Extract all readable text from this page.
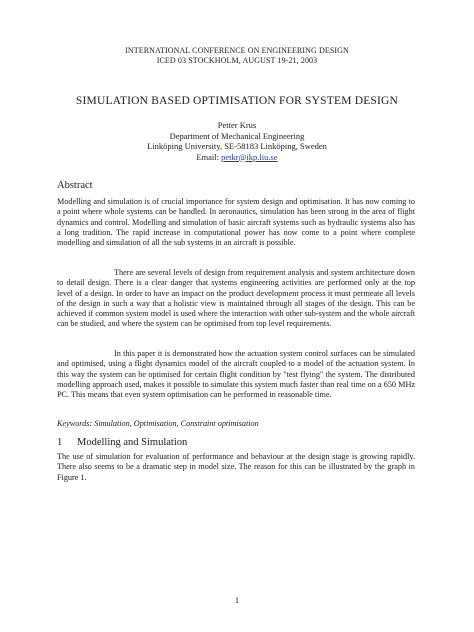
INTERNATIONAL CONFERENCE ON ENGINEERING DESIGN
ICED 03 STOCKHOLM, AUGUST 19-21, 2003
SIMULATION BASED OPTIMISATION FOR SYSTEM DESIGN
Petter Krus
Department of Mechanical Engineering
Linköping University, SE-58183 Linköping, Sweden
Email: petkr@ikp.liu.se
Abstract

Modelling and simulation is of crucial importance for system design and optimisation. It has now coming to a point where whole systems can be handled. In aeronautics, simulation has been strong in the area of flight dynamics and control. Modelling and simulation of basic aircraft systems such as hydraulic systems also has a long tradition. The rapid increase in computational power has now come to a point where complete modelling and simulation of all the sub systems in an aircraft is possible.

There are several levels of design from requirement analysis and system architecture down to detail design. There is a clear danger that systems engineering activities are performed only at the top level of a design. In order to have an impact on the product development process it must permeate all levels of the design in such a way that a holistic view is maintained through all stages of the design. This can be achieved if common system model is used where the interaction with other sub-system and the whole aircraft can be studied, and where the system can be optimised from top level requirements.

In this paper it is demonstrated how the actuation system control surfaces can be simulated and optimised, using a flight dynamics model of the aircraft coupled to a model of the actuation system. In this way the system can be optimised for certain flight condition by "test flying" the system. The distributed modelling approach used, makes it possible to simulate this system much faster than real time on a 650 MHz PC. This means that even system optimisation can be performed in reasonable time.

Keywords: Simulation, Optimisation, Constraint optimisation

1 Modelling and Simulation

The use of simulation for evaluation of performance and behaviour at the design stage is growing rapidly. There also seems to be a dramatic step in model size. The reason for this can be illustrated by the graph in Figure 1.

1
